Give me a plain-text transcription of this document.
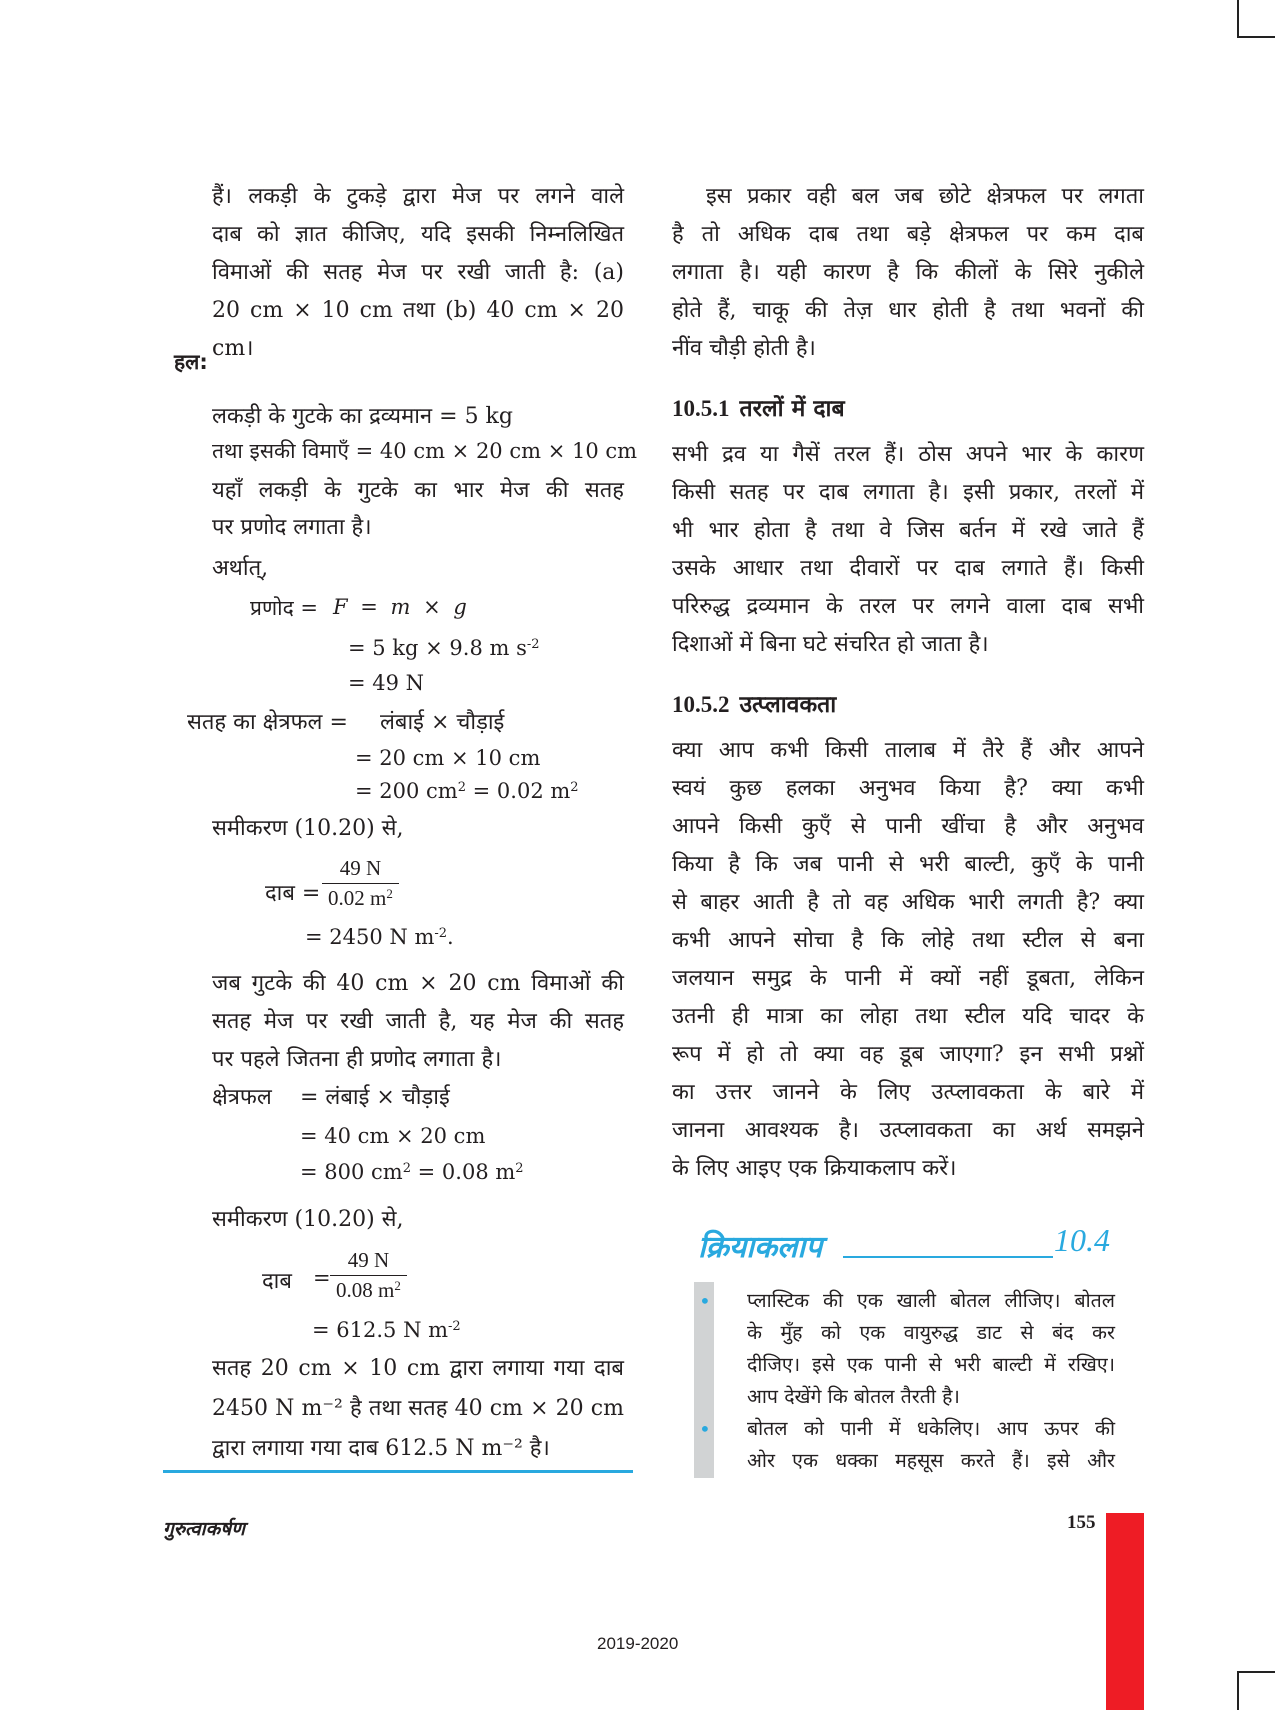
हैं। लकड़ी के टुकड़े द्वारा मेज पर लगने वाले

दाब को ज्ञात कीजिए, यदि इसकी निम्नलिखित

विमाओं की सतह मेज पर रखी जाती है: (a)

20 cm × 10 cm तथा (b) 40 cm × 20 cm।

हल:
लकड़ी के गुटके का द्रव्यमान = 5 kg
तथा इसकी विमाएँ = 40 cm × 20 cm × 10 cm
यहाँ लकड़ी के गुटके का भार मेज की सतह
पर प्रणोद लगाता है।
अर्थात्,
प्रणोद = F = m × g
= 5 kg × 9.8 m $s^{-2}$
= 49 N
सतह का क्षेत्रफल = लंबाई × चौड़ाई
= 20 cm × 10 cm
= 200 $cm^2 = 0.02$ $m^2$
समीकरण (10.20) से,
दाब = $\frac{49 N}{0.02 m^2}$
= 2450 N $m^{-2}$.
जब गुटके की 40 cm × 20 cm विमाओं की
सतह मेज पर रखी जाती है, यह मेज की सतह
पर पहले जितना ही प्रणोद लगाता है।
क्षेत्रफल = लंबाई × चौड़ाई
= 40 cm × 20 cm
= 800 $cm^2 = 0.08$ $m^2$
समीकरण (10.20) से,
दाब = $\frac{49 N}{0.08 m^2}$
= 612.5 N $m^{-2}$
सतह 20 cm × 10 cm द्वारा लगाया गया दाब
2450 N m⁻² है तथा सतह 40 cm × 20 cm
द्वारा लगाया गया दाब 612.5 N m⁻² है।

इस प्रकार वही बल जब छोटे क्षेत्रफल पर लगता

है तो अधिक दाब तथा बड़े क्षेत्रफल पर कम दाब

लगाता है। यही कारण है कि कीलों के सिरे नुकीले

होते हैं, चाकू की तेज़ धार होती है तथा भवनों की

नींव चौड़ी होती है।

10.5.1 तरलों में दाब

सभी द्रव या गैसें तरल हैं। ठोस अपने भार के कारण

किसी सतह पर दाब लगाता है। इसी प्रकार, तरलों में

भी भार होता है तथा वे जिस बर्तन में रखे जाते हैं

उसके आधार तथा दीवारों पर दाब लगाते हैं। किसी

परिरुद्ध द्रव्यमान के तरल पर लगने वाला दाब सभी

दिशाओं में बिना घटे संचरित हो जाता है।

10.5.2 उत्प्लावकता

क्या आप कभी किसी तालाब में तैरे हैं और आपने

स्वयं कुछ हलका अनुभव किया है? क्या कभी

आपने किसी कुएँ से पानी खींचा है और अनुभव

किया है कि जब पानी से भरी बाल्टी, कुएँ के पानी

से बाहर आती है तो वह अधिक भारी लगती है? क्या

कभी आपने सोचा है कि लोहे तथा स्टील से बना

जलयान समुद्र के पानी में क्यों नहीं डूबता, लेकिन

उतनी ही मात्रा का लोहा तथा स्टील यदि चादर के

रूप में हो तो क्या वह डूब जाएगा? इन सभी प्रश्नों

का उत्तर जानने के लिए उत्प्लावकता के बारे में

जानना आवश्यक है। उत्प्लावकता का अर्थ समझने

के लिए आइए एक क्रियाकलाप करें।

क्रियाकलाप	10.4
• प्लास्टिक की एक खाली बोतल लीजिए। बोतल

के मुँह को एक वायुरुद्ध डाट से बंद कर

दीजिए। इसे एक पानी से भरी बाल्टी में रखिए।

आप देखेंगे कि बोतल तैरती है।

• बोतल को पानी में धकेलिए। आप ऊपर की

ओर एक धक्का महसूस करते हैं। इसे और

गुरुत्वाकर्षण	155
2019-2020
